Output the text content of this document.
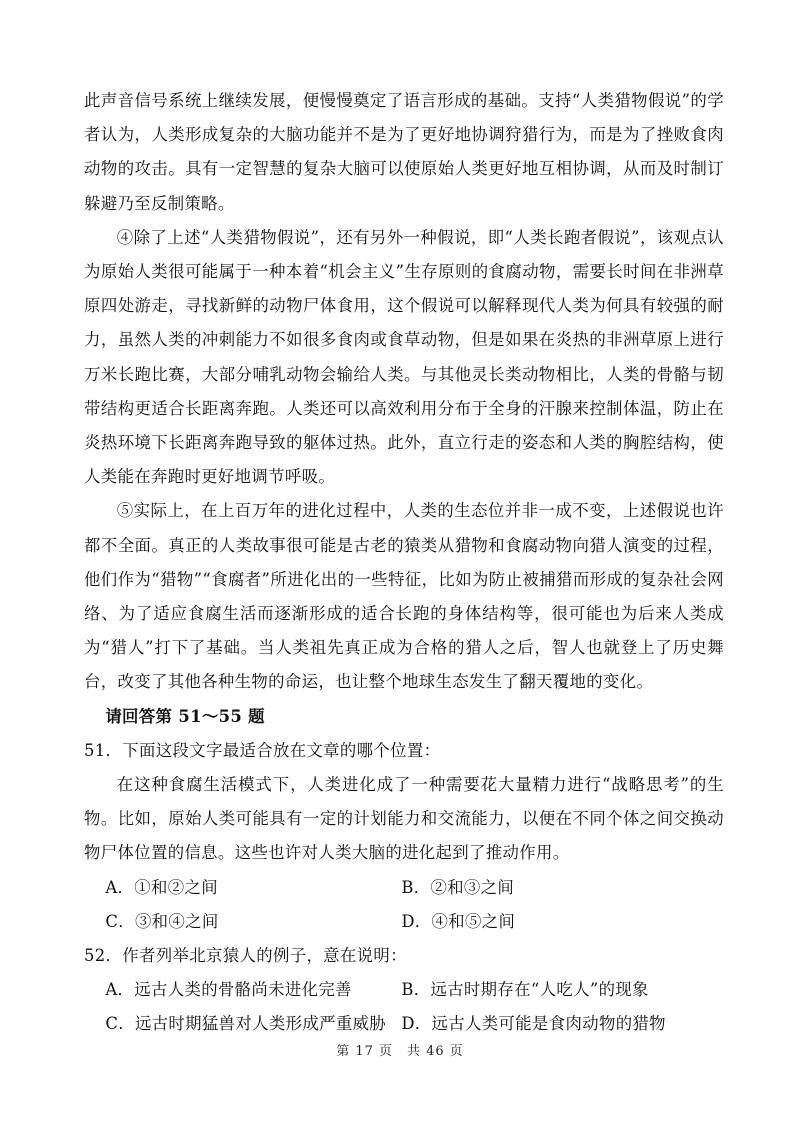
此声音信号系统上继续发展，便慢慢奠定了语言形成的基础。支持“人类猎物假说”的学者认为，人类形成复杂的大脑功能并不是为了更好地协调狩猎行为，而是为了挫败食肉动物的攻击。具有一定智慧的复杂大脑可以使原始人类更好地互相协调，从而及时制订躲避乃至反制策略。

④除了上述“人类猎物假说”，还有另外一种假说，即“人类长跑者假说”，该观点认为原始人类很可能属于一种本着“机会主义”生存原则的食腐动物，需要长时间在非洲草原四处游走，寻找新鲜的动物尸体食用，这个假说可以解释现代人类为何具有较强的耐力，虽然人类的冲刺能力不如很多食肉或食草动物，但是如果在炎热的非洲草原上进行万米长跑比赛，大部分哺乳动物会输给人类。与其他灵长类动物相比，人类的骨骼与韧带结构更适合长距离奔跑。人类还可以高效利用分布于全身的汗腺来控制体温，防止在炎热环境下长距离奔跑导致的躯体过热。此外，直立行走的姿态和人类的胸腔结构，使人类能在奔跑时更好地调节呼吸。

⑤实际上，在上百万年的进化过程中，人类的生态位并非一成不变，上述假说也许都不全面。真正的人类故事很可能是古老的猿类从猎物和食腐动物向猎人演变的过程，他们作为“猎物”“食腐者”所进化出的一些特征，比如为防止被捕猎而形成的复杂社会网络、为了适应食腐生活而逐渐形成的适合长跑的身体结构等，很可能也为后来人类成为“猎人”打下了基础。当人类祖先真正成为合格的猎人之后，智人也就登上了历史舞台，改变了其他各种生物的命运，也让整个地球生态发生了翻天覆地的变化。

请回答第 51～55 题

51．下面这段文字最适合放在文章的哪个位置：

在这种食腐生活模式下，人类进化成了一种需要花大量精力进行“战略思考”的生物。比如，原始人类可能具有一定的计划能力和交流能力，以便在不同个体之间交换动物尸体位置的信息。这些也许对人类大脑的进化起到了推动作用。

A．①和②之间	B．②和③之间
C．③和④之间	D．④和⑤之间

52．作者列举北京猿人的例子，意在说明：

A．远古人类的骨骼尚未进化完善	B．远古时期存在“人吃人”的现象
C．远古时期猛兽对人类形成严重威胁 D．远古人类可能是食肉动物的猎物
第 17 页　共 46 页
